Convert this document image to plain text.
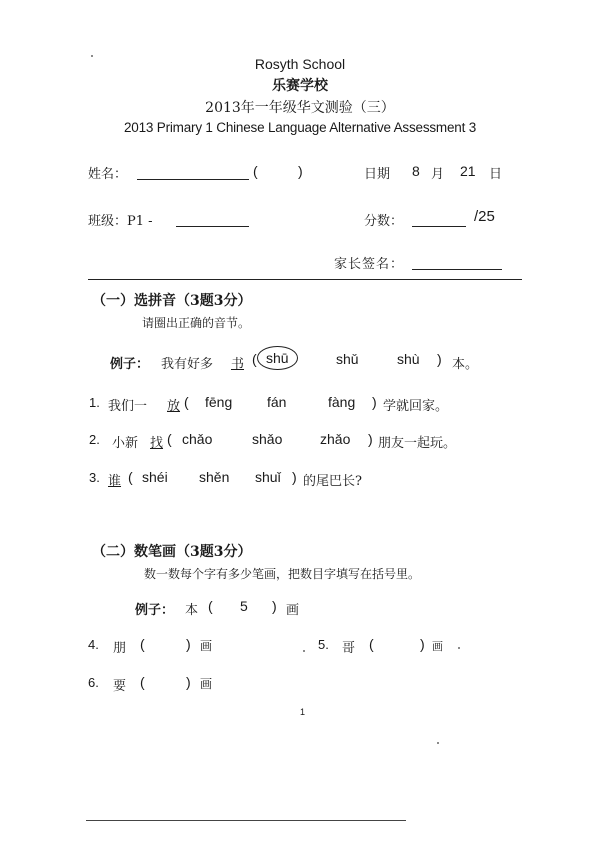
Rosyth School
乐赛学校
2013年一年级华文测验（三）
2013 Primary 1 Chinese Language Alternative Assessment 3
姓名：	(	)	日期 8 月 21 日
班级：P1 -	分数：	/25
家长签名：
（一）选拼音（3题3分）
请圈出正确的音节。
例子： 我有好多 书 ( shū	shǔ	shù ) 本。
1. 我们一 放 ( fēng fán	fàng ) 学就回家。
2. 小新 找 ( chǎo	shǎo	zhǎo ) 朋友一起玩。
3. 谁 ( shéi shěn shuǐ ) 的尾巴长?
（二）数笔画（3题3分）
数一数每个字有多少笔画，把数目字填写在括号里。
例子： 本 ( 5 ) 画
4. 朋 (	) 画	5. 哥 (	) 画
6. 要 (	) 画
1
